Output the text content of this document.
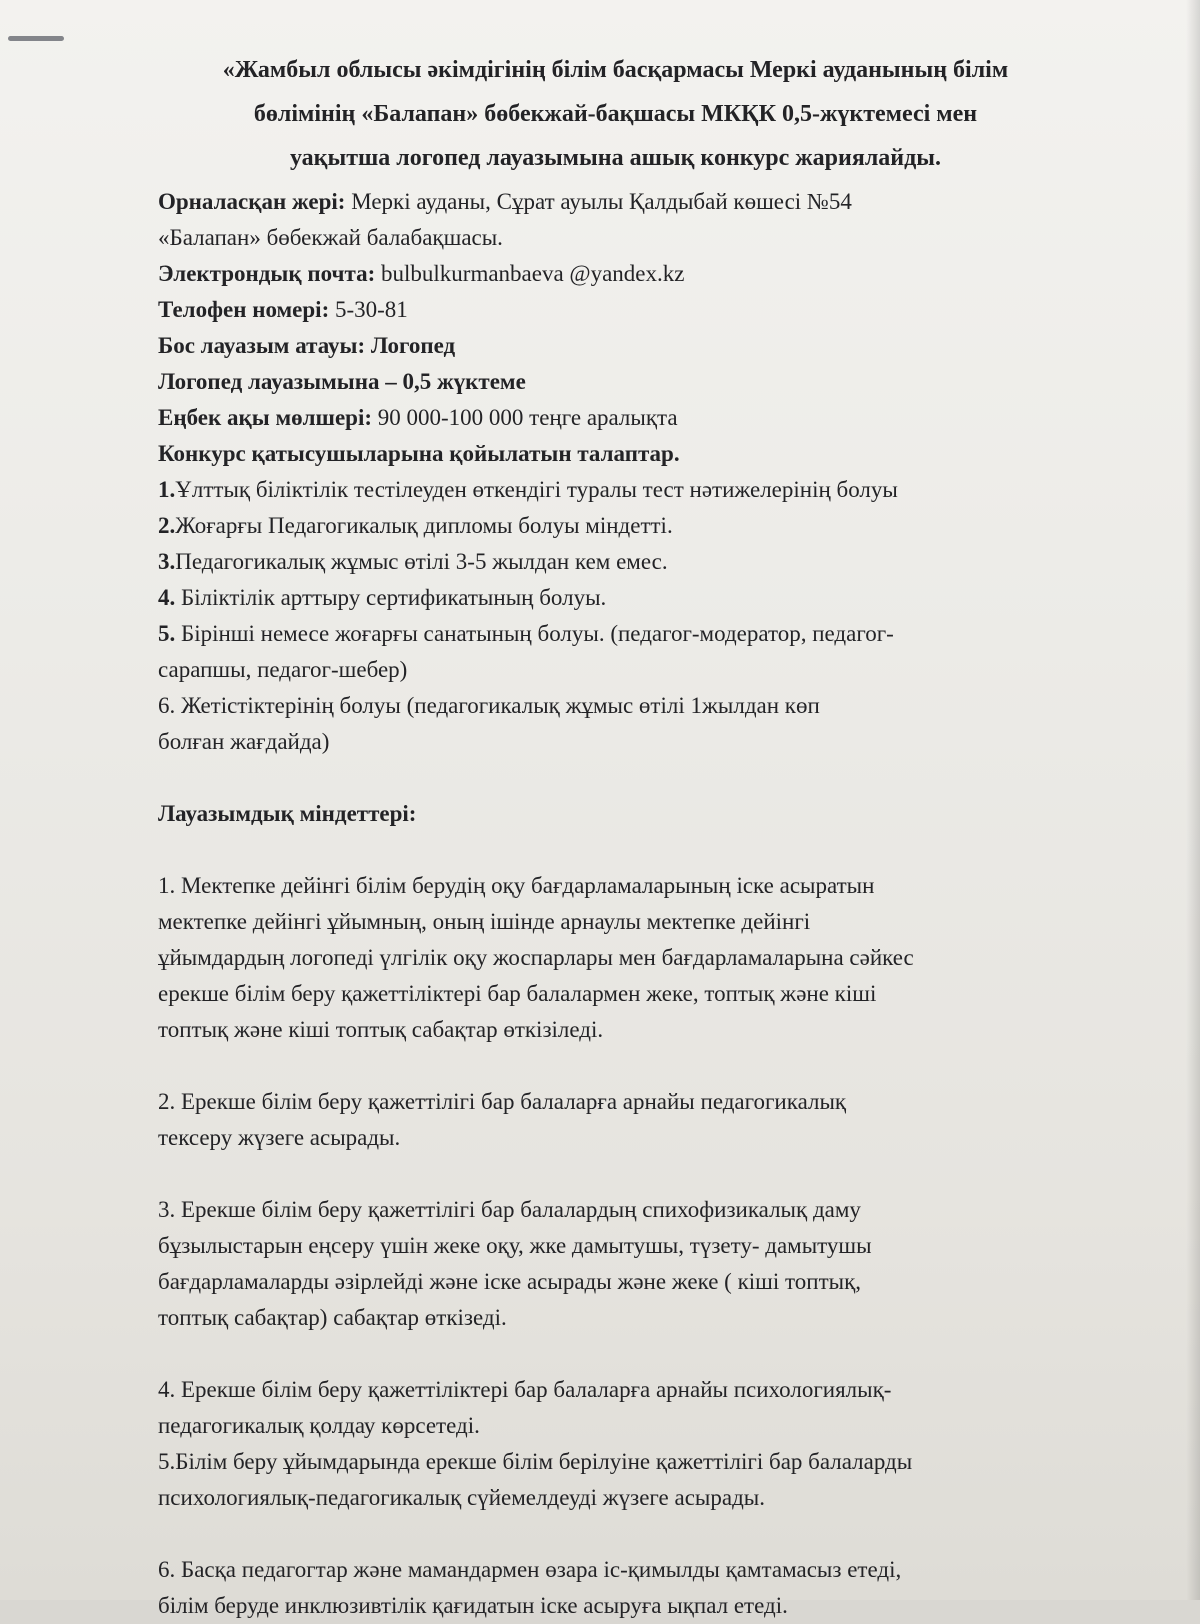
«Жамбыл облысы әкімдігінің білім басқармасы Меркі ауданының білім
бөлімінің «Балапан» бөбекжай-бақшасы МКҚК 0,5-жүктемесі мен
уақытша логопед лауазымына ашық конкурс жариялайды.
Орналасқан жері: Меркі ауданы, Сұрат ауылы Қалдыбай көшесі №54
«Балапан» бөбекжай балабақшасы.
Электрондық почта: bulbulkurmanbaeva @yandex.kz
Телофен номері: 5-30-81
Бос лауазым атауы: Логопед
Логопед лауазымына – 0,5 жүктеме
Еңбек ақы мөлшері: 90 000-100 000 теңге аралықта
Конкурс қатысушыларына қойылатын талаптар.
1.Ұлттық біліктілік тестілеуден өткендігі туралы тест нәтижелерінің болуы
2.Жоғарғы Педагогикалық дипломы болуы міндетті.
3.Педагогикалық жұмыс өтілі 3-5 жылдан кем емес.
4. Біліктілік арттыру сертификатының болуы.
5. Бірінші немесе жоғарғы санатының болуы. (педагог-модератор, педагог-
сарапшы, педагог-шебер)
6. Жетістіктерінің болуы (педагогикалық жұмыс өтілі 1жылдан көп
болған жағдайда)
Лауазымдық міндеттері:
1. Мектепке дейінгі білім берудің оқу бағдарламаларының іске асыратын
мектепке дейінгі ұйымның, оның ішінде арнаулы мектепке дейінгі
ұйымдардың логопеді үлгілік оқу жоспарлары мен бағдарламаларына сәйкес
ерекше білім беру қажеттіліктері бар балалармен жеке, топтық және кіші
топтық және кіші топтық сабақтар өткізіледі.
2. Ерекше білім беру қажеттілігі бар балаларға арнайы педагогикалық
тексеру жүзеге асырады.
3. Ерекше білім беру қажеттілігі бар балалардың спихофизикалық даму
бұзылыстарын еңсеру үшін жеке оқу, жке дамытушы, түзету- дамытушы
бағдарламаларды әзірлейді және іске асырады және жеке ( кіші топтық,
топтық сабақтар) сабақтар өткізеді.
4. Ерекше білім беру қажеттіліктері бар балаларға арнайы психологиялық-
педагогикалық қолдау көрсетеді.
5.Білім беру ұйымдарында ерекше білім берілуіне қажеттілігі бар балаларды
психологиялық-педагогикалық сүйемелдеуді жүзеге асырады.
6. Басқа педагогтар және мамандармен өзара іс-қимылды қамтамасыз етеді,
білім беруде инклюзивтілік қағидатын іске асыруға ықпал етеді.
